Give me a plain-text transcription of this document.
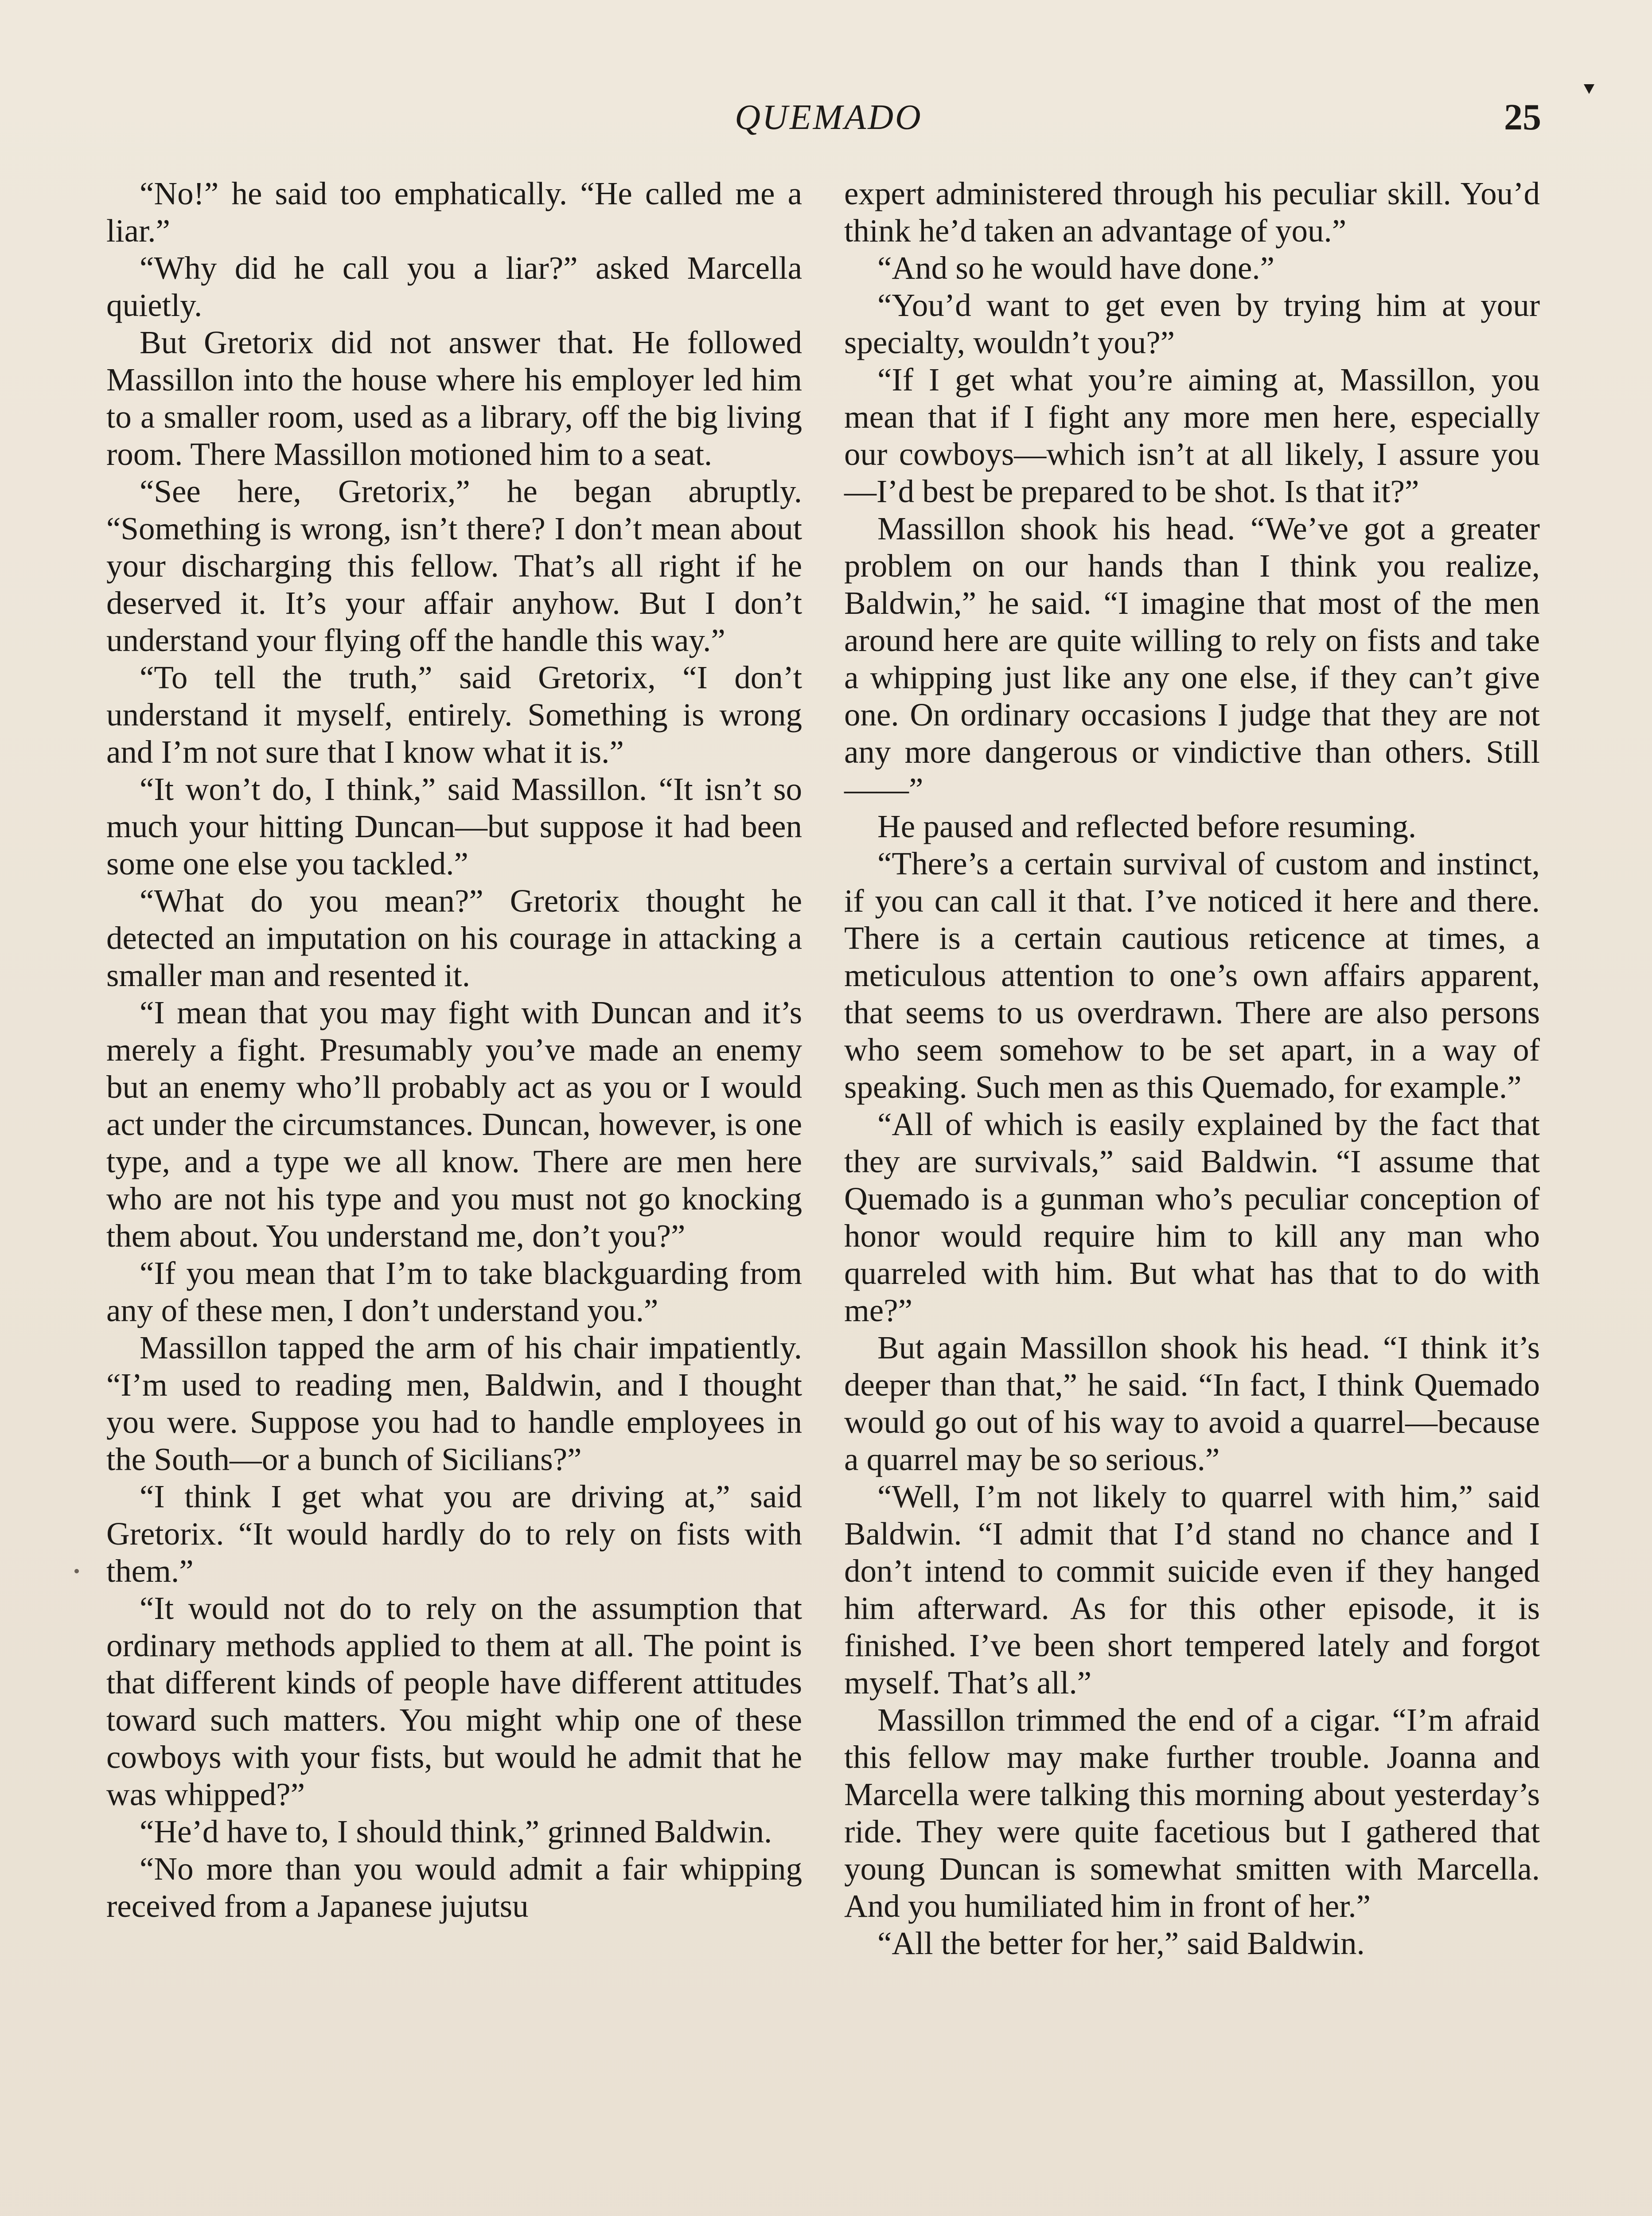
QUEMADO	25

“No!” he said too emphatically. “He called me a liar.”

“Why did he call you a liar?” asked Marcella quietly.

But Gretorix did not answer that. He followed Massillon into the house where his employer led him to a smaller room, used as a library, off the big living room. There Massillon motioned him to a seat.

“See here, Gretorix,” he began abruptly. “Something is wrong, isn’t there? I don’t mean about your discharging this fellow. That’s all right if he deserved it. It’s your affair anyhow. But I don’t understand your flying off the handle this way.”

“To tell the truth,” said Gretorix, “I don’t understand it myself, entirely. Something is wrong and I’m not sure that I know what it is.”

“It won’t do, I think,” said Massillon. “It isn’t so much your hitting Duncan—but suppose it had been some one else you tackled.”

“What do you mean?” Gretorix thought he detected an imputation on his courage in attacking a smaller man and resented it.

“I mean that you may fight with Duncan and it’s merely a fight. Presumably you’ve made an enemy but an enemy who’ll probably act as you or I would act under the circumstances. Duncan, however, is one type, and a type we all know. There are men here who are not his type and you must not go knocking them about. You understand me, don’t you?”

“If you mean that I’m to take blackguarding from any of these men, I don’t understand you.”

Massillon tapped the arm of his chair impatiently. “I’m used to reading men, Baldwin, and I thought you were. Suppose you had to handle employees in the South—or a bunch of Sicilians?”

“I think I get what you are driving at,” said Gretorix. “It would hardly do to rely on fists with them.”

“It would not do to rely on the assumption that ordinary methods applied to them at all. The point is that different kinds of people have different attitudes toward such matters. You might whip one of these cowboys with your fists, but would he admit that he was whipped?”

“He’d have to, I should think,” grinned Baldwin.

“No more than you would admit a fair whipping received from a Japanese jujutsu

expert administered through his peculiar skill. You’d think he’d taken an advantage of you.”

“And so he would have done.”

“You’d want to get even by trying him at your specialty, wouldn’t you?”

“If I get what you’re aiming at, Massillon, you mean that if I fight any more men here, especially our cowboys—which isn’t at all likely, I assure you—I’d best be prepared to be shot. Is that it?”

Massillon shook his head. “We’ve got a greater problem on our hands than I think you realize, Baldwin,” he said. “I imagine that most of the men around here are quite willing to rely on fists and take a whipping just like any one else, if they can’t give one. On ordinary occasions I judge that they are not any more dangerous or vindictive than others. Still——”

He paused and reflected before resuming.

“There’s a certain survival of custom and instinct, if you can call it that. I’ve noticed it here and there. There is a certain cautious reticence at times, a meticulous attention to one’s own affairs apparent, that seems to us overdrawn. There are also persons who seem somehow to be set apart, in a way of speaking. Such men as this Quemado, for example.”

“All of which is easily explained by the fact that they are survivals,” said Baldwin. “I assume that Quemado is a gunman who’s peculiar conception of honor would require him to kill any man who quarreled with him. But what has that to do with me?”

But again Massillon shook his head. “I think it’s deeper than that,” he said. “In fact, I think Quemado would go out of his way to avoid a quarrel—because a quarrel may be so serious.”

“Well, I’m not likely to quarrel with him,” said Baldwin. “I admit that I’d stand no chance and I don’t intend to commit suicide even if they hanged him afterward. As for this other episode, it is finished. I’ve been short tempered lately and forgot myself. That’s all.”

Massillon trimmed the end of a cigar. “I’m afraid this fellow may make further trouble. Joanna and Marcella were talking this morning about yesterday’s ride. They were quite facetious but I gathered that young Duncan is somewhat smitten with Marcella. And you humiliated him in front of her.”

“All the better for her,” said Baldwin.
